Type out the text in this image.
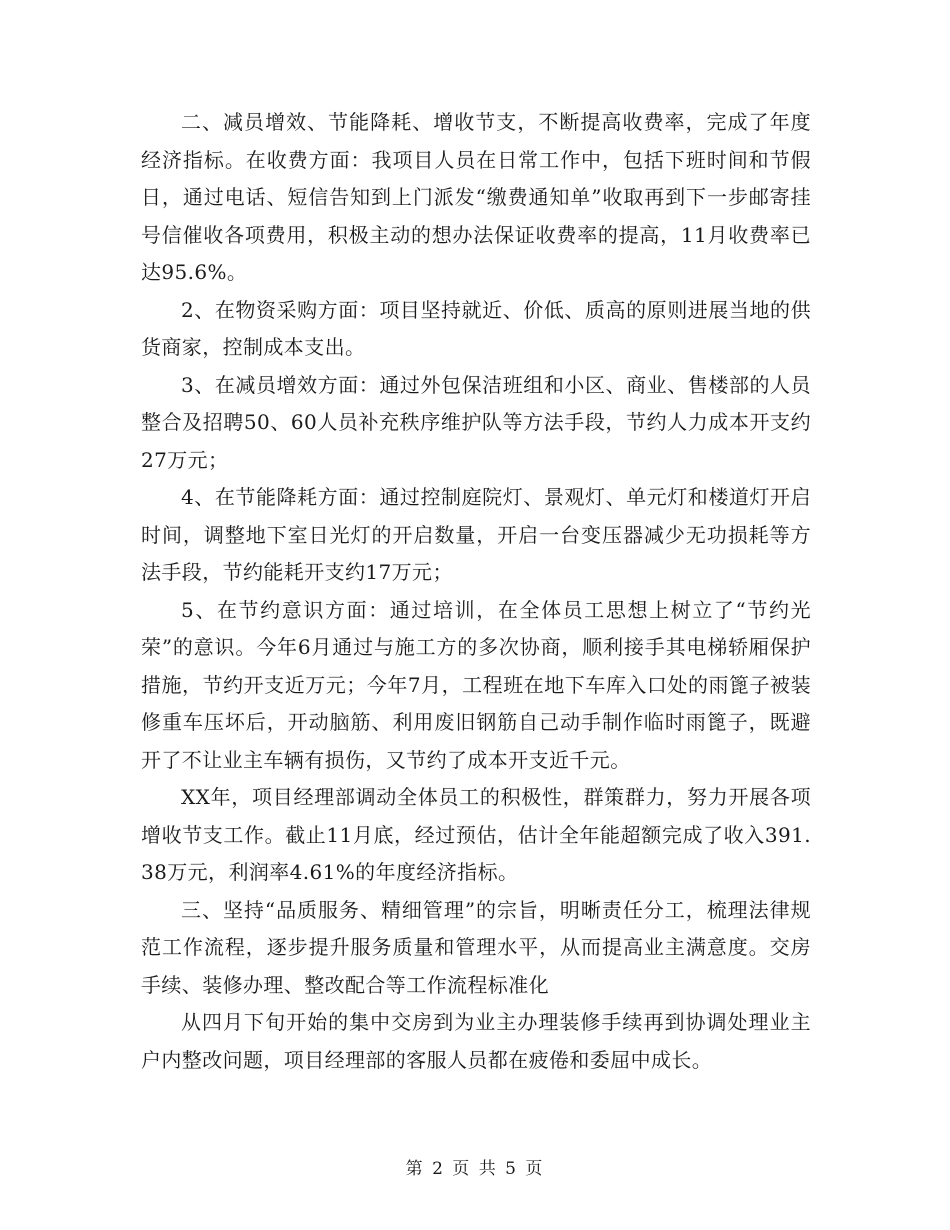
二、减员增效、节能降耗、增收节支，不断提高收费率，完成了年度经济指标。在收费方面：我项目人员在日常工作中，包括下班时间和节假日，通过电话、短信告知到上门派发“缴费通知单”收取再到下一步邮寄挂号信催收各项费用，积极主动的想办法保证收费率的提高，11月收费率已达95.6%。

2、在物资采购方面：项目坚持就近、价低、质高的原则进展当地的供货商家，控制成本支出。

3、在减员增效方面：通过外包保洁班组和小区、商业、售楼部的人员整合及招聘50、60人员补充秩序维护队等方法手段，节约人力成本开支约27万元；

4、在节能降耗方面：通过控制庭院灯、景观灯、单元灯和楼道灯开启时间，调整地下室日光灯的开启数量，开启一台变压器减少无功损耗等方法手段，节约能耗开支约17万元；

5、在节约意识方面：通过培训，在全体员工思想上树立了“节约光荣”的意识。今年6月通过与施工方的多次协商，顺利接手其电梯轿厢保护措施，节约开支近万元；今年7月，工程班在地下车库入口处的雨篦子被装修重车压坏后，开动脑筋、利用废旧钢筋自己动手制作临时雨篦子，既避开了不让业主车辆有损伤，又节约了成本开支近千元。

XX年，项目经理部调动全体员工的积极性，群策群力，努力开展各项增收节支工作。截止11月底，经过预估，估计全年能超额完成了收入391.38万元，利润率4.61%的年度经济指标。

三、坚持“品质服务、精细管理”的宗旨，明晰责任分工，梳理法律规范工作流程，逐步提升服务质量和管理水平，从而提高业主满意度。交房手续、装修办理、整改配合等工作流程标准化

从四月下旬开始的集中交房到为业主办理装修手续再到协调处理业主户内整改问题，项目经理部的客服人员都在疲倦和委屈中成长。

第 2 页 共 5 页
